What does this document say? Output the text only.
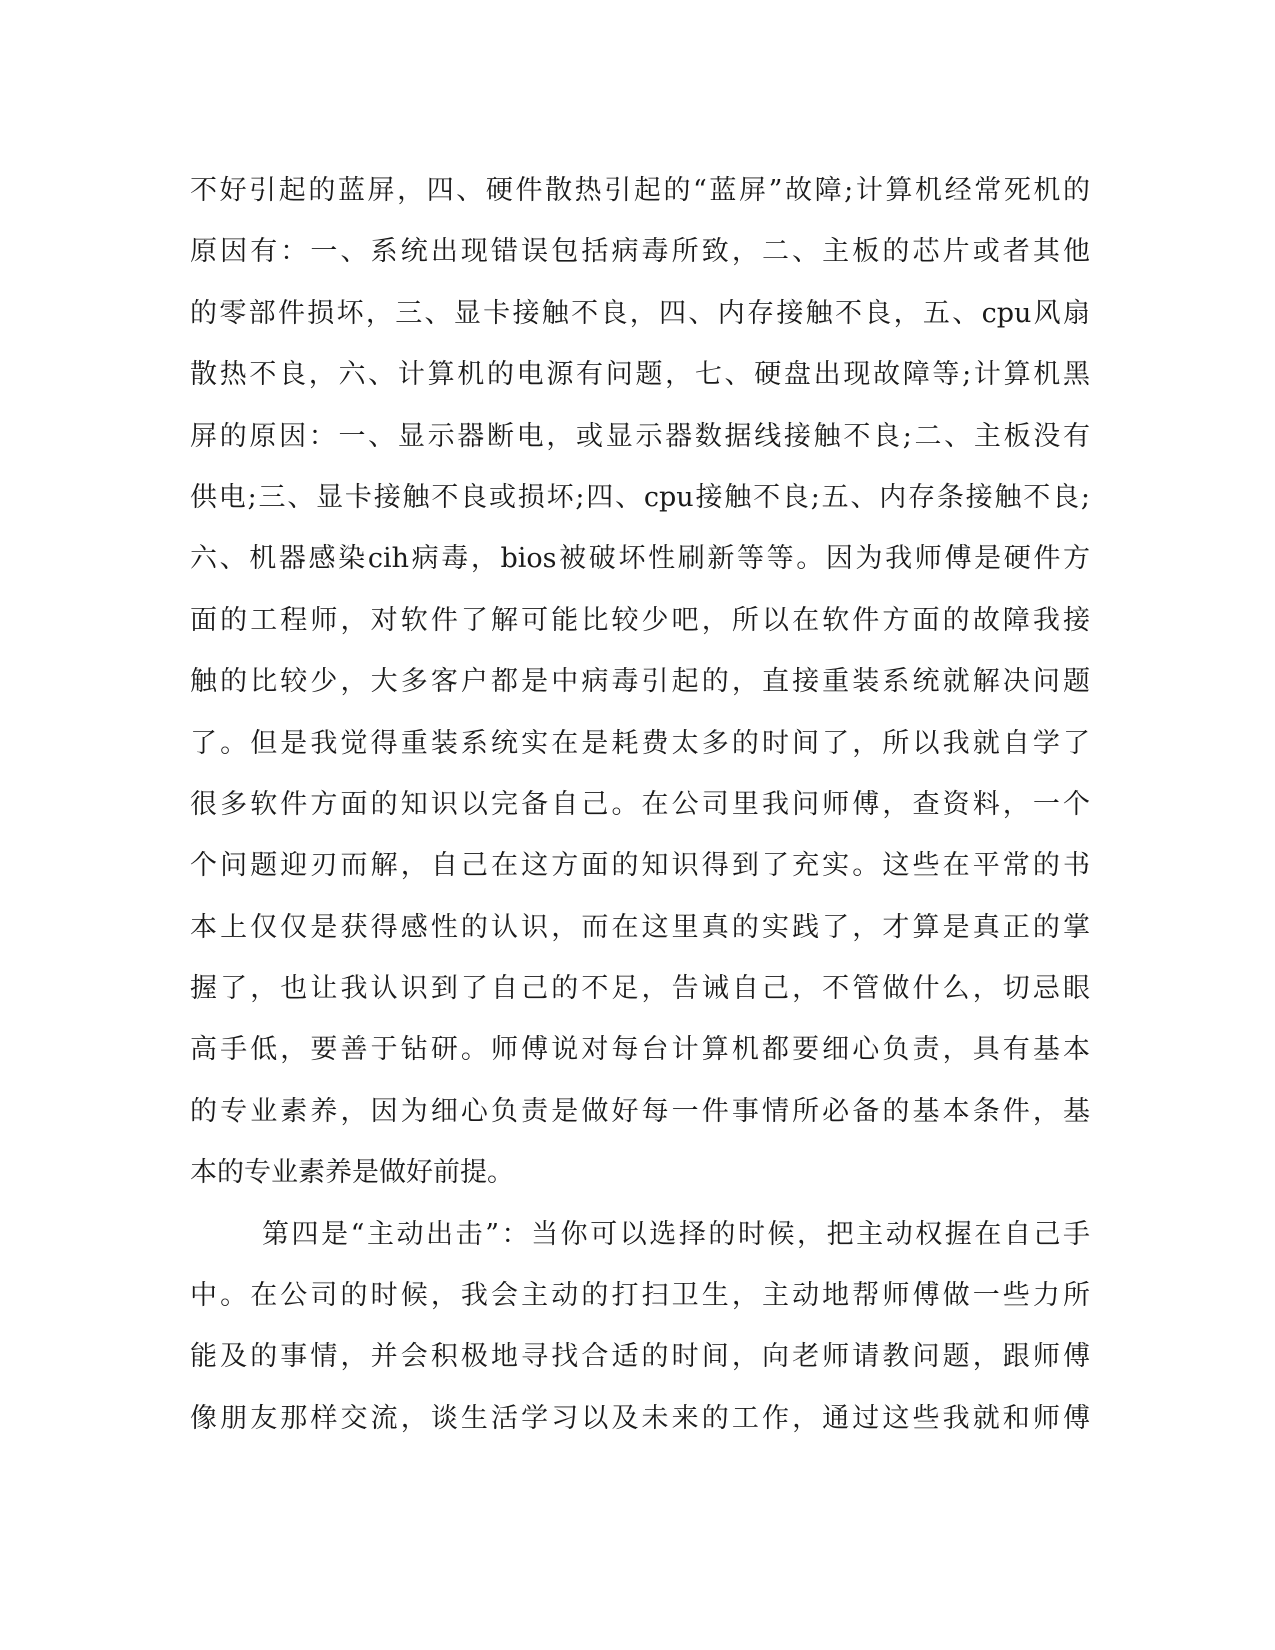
不好引起的蓝屏，四、硬件散热引起的“蓝屏”故障;计算机经常死机的
原因有：一、系统出现错误包括病毒所致，二、主板的芯片或者其他
的零部件损坏，三、显卡接触不良，四、内存接触不良，五、cpu风扇
散热不良，六、计算机的电源有问题，七、硬盘出现故障等;计算机黑
屏的原因：一、显示器断电，或显示器数据线接触不良;二、主板没有
供电;三、显卡接触不良或损坏;四、cpu接触不良;五、内存条接触不良;
六、机器感染cih病毒，bios被破坏性刷新等等。因为我师傅是硬件方
面的工程师，对软件了解可能比较少吧，所以在软件方面的故障我接
触的比较少，大多客户都是中病毒引起的，直接重装系统就解决问题
了。但是我觉得重装系统实在是耗费太多的时间了，所以我就自学了
很多软件方面的知识以完备自己。在公司里我问师傅，查资料，一个
个问题迎刃而解，自己在这方面的知识得到了充实。这些在平常的书
本上仅仅是获得感性的认识，而在这里真的实践了，才算是真正的掌
握了，也让我认识到了自己的不足，告诫自己，不管做什么，切忌眼
高手低，要善于钻研。师傅说对每台计算机都要细心负责，具有基本
的专业素养，因为细心负责是做好每一件事情所必备的基本条件，基
本的专业素养是做好前提。
第四是“主动出击”：当你可以选择的时候，把主动权握在自己手
中。在公司的时候，我会主动的打扫卫生，主动地帮师傅做一些力所
能及的事情，并会积极地寻找合适的时间，向老师请教问题，跟师傅
像朋友那样交流，谈生活学习以及未来的工作，通过这些我就和师傅
